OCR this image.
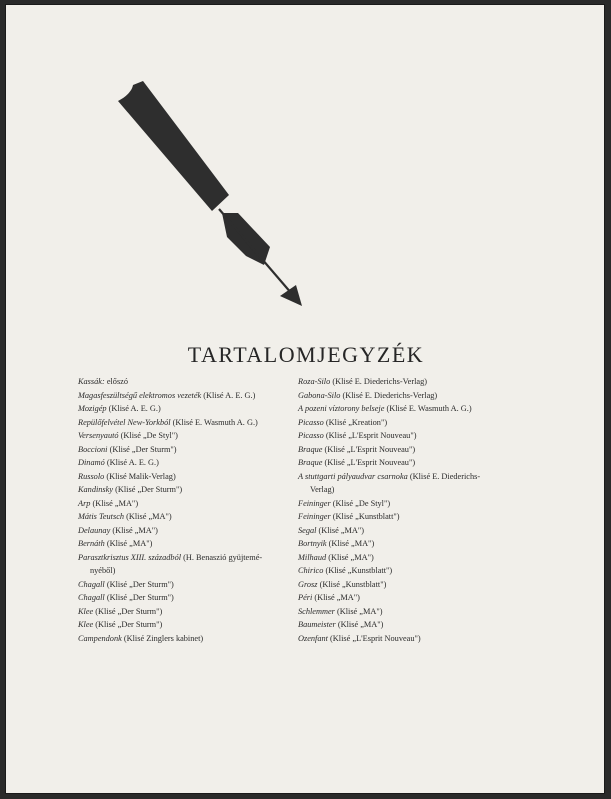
TARTALOMJEGYZÉK
Kassák: előszó
Magasfeszültségű elektromos vezeték (Klisé A. E. G.)
Mozigép (Klisé A. E. G.)
Repülőfelvétel New-Yorkból (Klisé E. Wasmuth A. G.)
Versenyautó (Klisé „De Styl")
Boccioni (Klisé „Der Sturm")
Dinamó (Klisé A. E. G.)
Russolo (Klisé Malik-Verlag)
Kandinsky (Klisé „Der Sturm")
Arp (Klisé „MA")
Mátis Teutsch (Klisé „MA")
Delaunay (Klisé „MA")
Bernáth (Klisé „MA")
Parasztkrisztus XIII. századból (H. Benaszió gyüjtemé-
nyéből)
Chagall (Klisé „Der Sturm")
Chagall (Klisé „Der Sturm")
Klee (Klisé „Der Sturm")
Klee (Klisé „Der Sturm")
Campendonk (Klisé Zinglers kabinet)
Roza-Silo (Klisé E. Diederichs-Verlag)
Gabona-Silo (Klisé E. Diederichs-Verlag)
A pozeni víztorony belseje (Klisé E. Wasmuth A. G.)
Picasso (Klisé „Kreation")
Picasso (Klisé „L'Esprit Nouveau")
Braque (Klisé „L'Esprit Nouveau")
Braque (Klisé „L'Esprit Nouveau")
A stuttgarti pályaudvar csarnoka (Klisé E. Diederichs-
Verlag)
Feininger (Klisé „De Styl")
Feininger (Klisé „Kunstblatt")
Segal (Klisé „MA")
Bortnyik (Klisé „MA")
Milhaud (Klisé „MA")
Chirico (Klisé „Kunstblatt")
Grosz (Klisé „Kunstblatt")
Péri (Klisé „MA")
Schlemmer (Klisé „MA")
Baumeister (Klisé „MA")
Ozenfant (Klisé „L'Esprit Nouveau")
